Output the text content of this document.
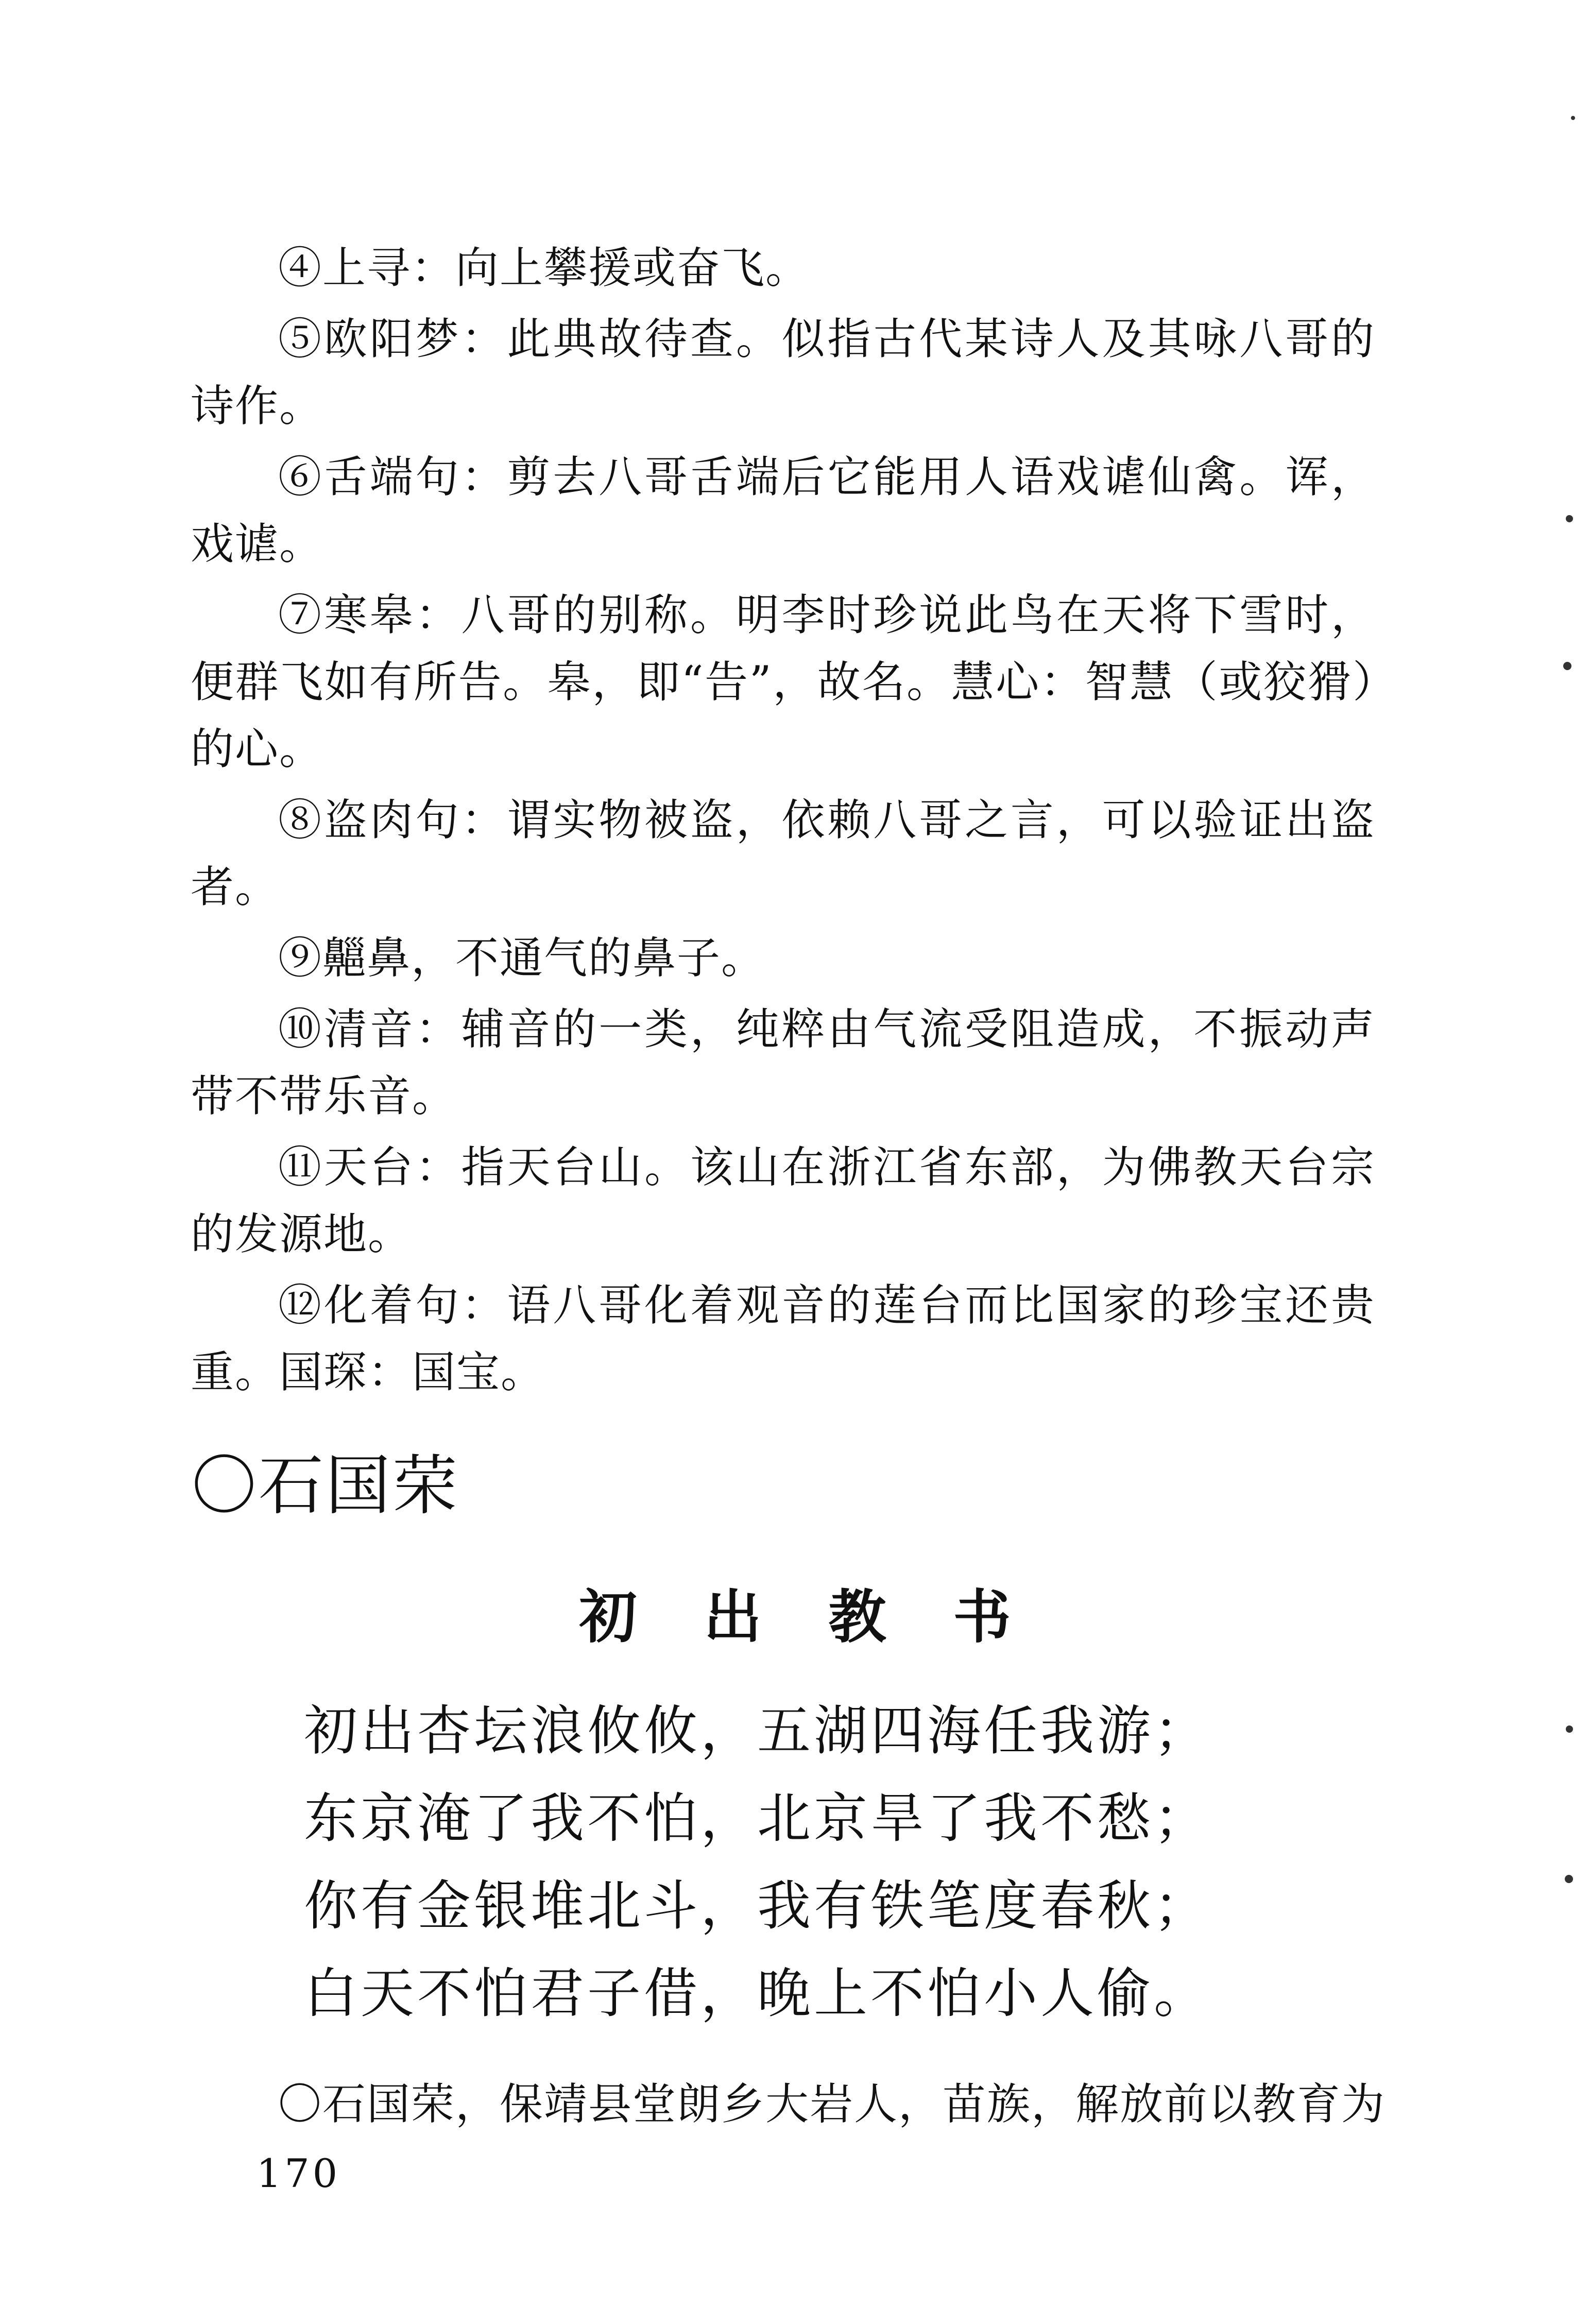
④上寻：向上攀援或奋飞。

⑤欧阳梦：此典故待查。似指古代某诗人及其咏八哥的诗作。

⑥舌端句：剪去八哥舌端后它能用人语戏谑仙禽。诨，戏谑。

⑦寒皋：八哥的别称。明李时珍说此鸟在天将下雪时，便群飞如有所告。皋，即“告”，故名。慧心：智慧（或狡猾）的心。

⑧盗肉句：谓实物被盗，依赖八哥之言，可以验证出盗者。

⑨齆鼻，不通气的鼻子。

⑩清音：辅音的一类，纯粹由气流受阻造成，不振动声带不带乐音。

⑪天台：指天台山。该山在浙江省东部，为佛教天台宗的发源地。

⑫化着句：语八哥化着观音的莲台而比国家的珍宝还贵重。国琛：国宝。

〇石国荣
初出教书
初出杏坛浪攸攸，五湖四海任我游；
东京淹了我不怕，北京旱了我不愁；
你有金银堆北斗，我有铁笔度春秋；
白天不怕君子借，晚上不怕小人偷。
〇石国荣，保靖县堂朗乡大岩人，苗族，解放前以教育为
170
